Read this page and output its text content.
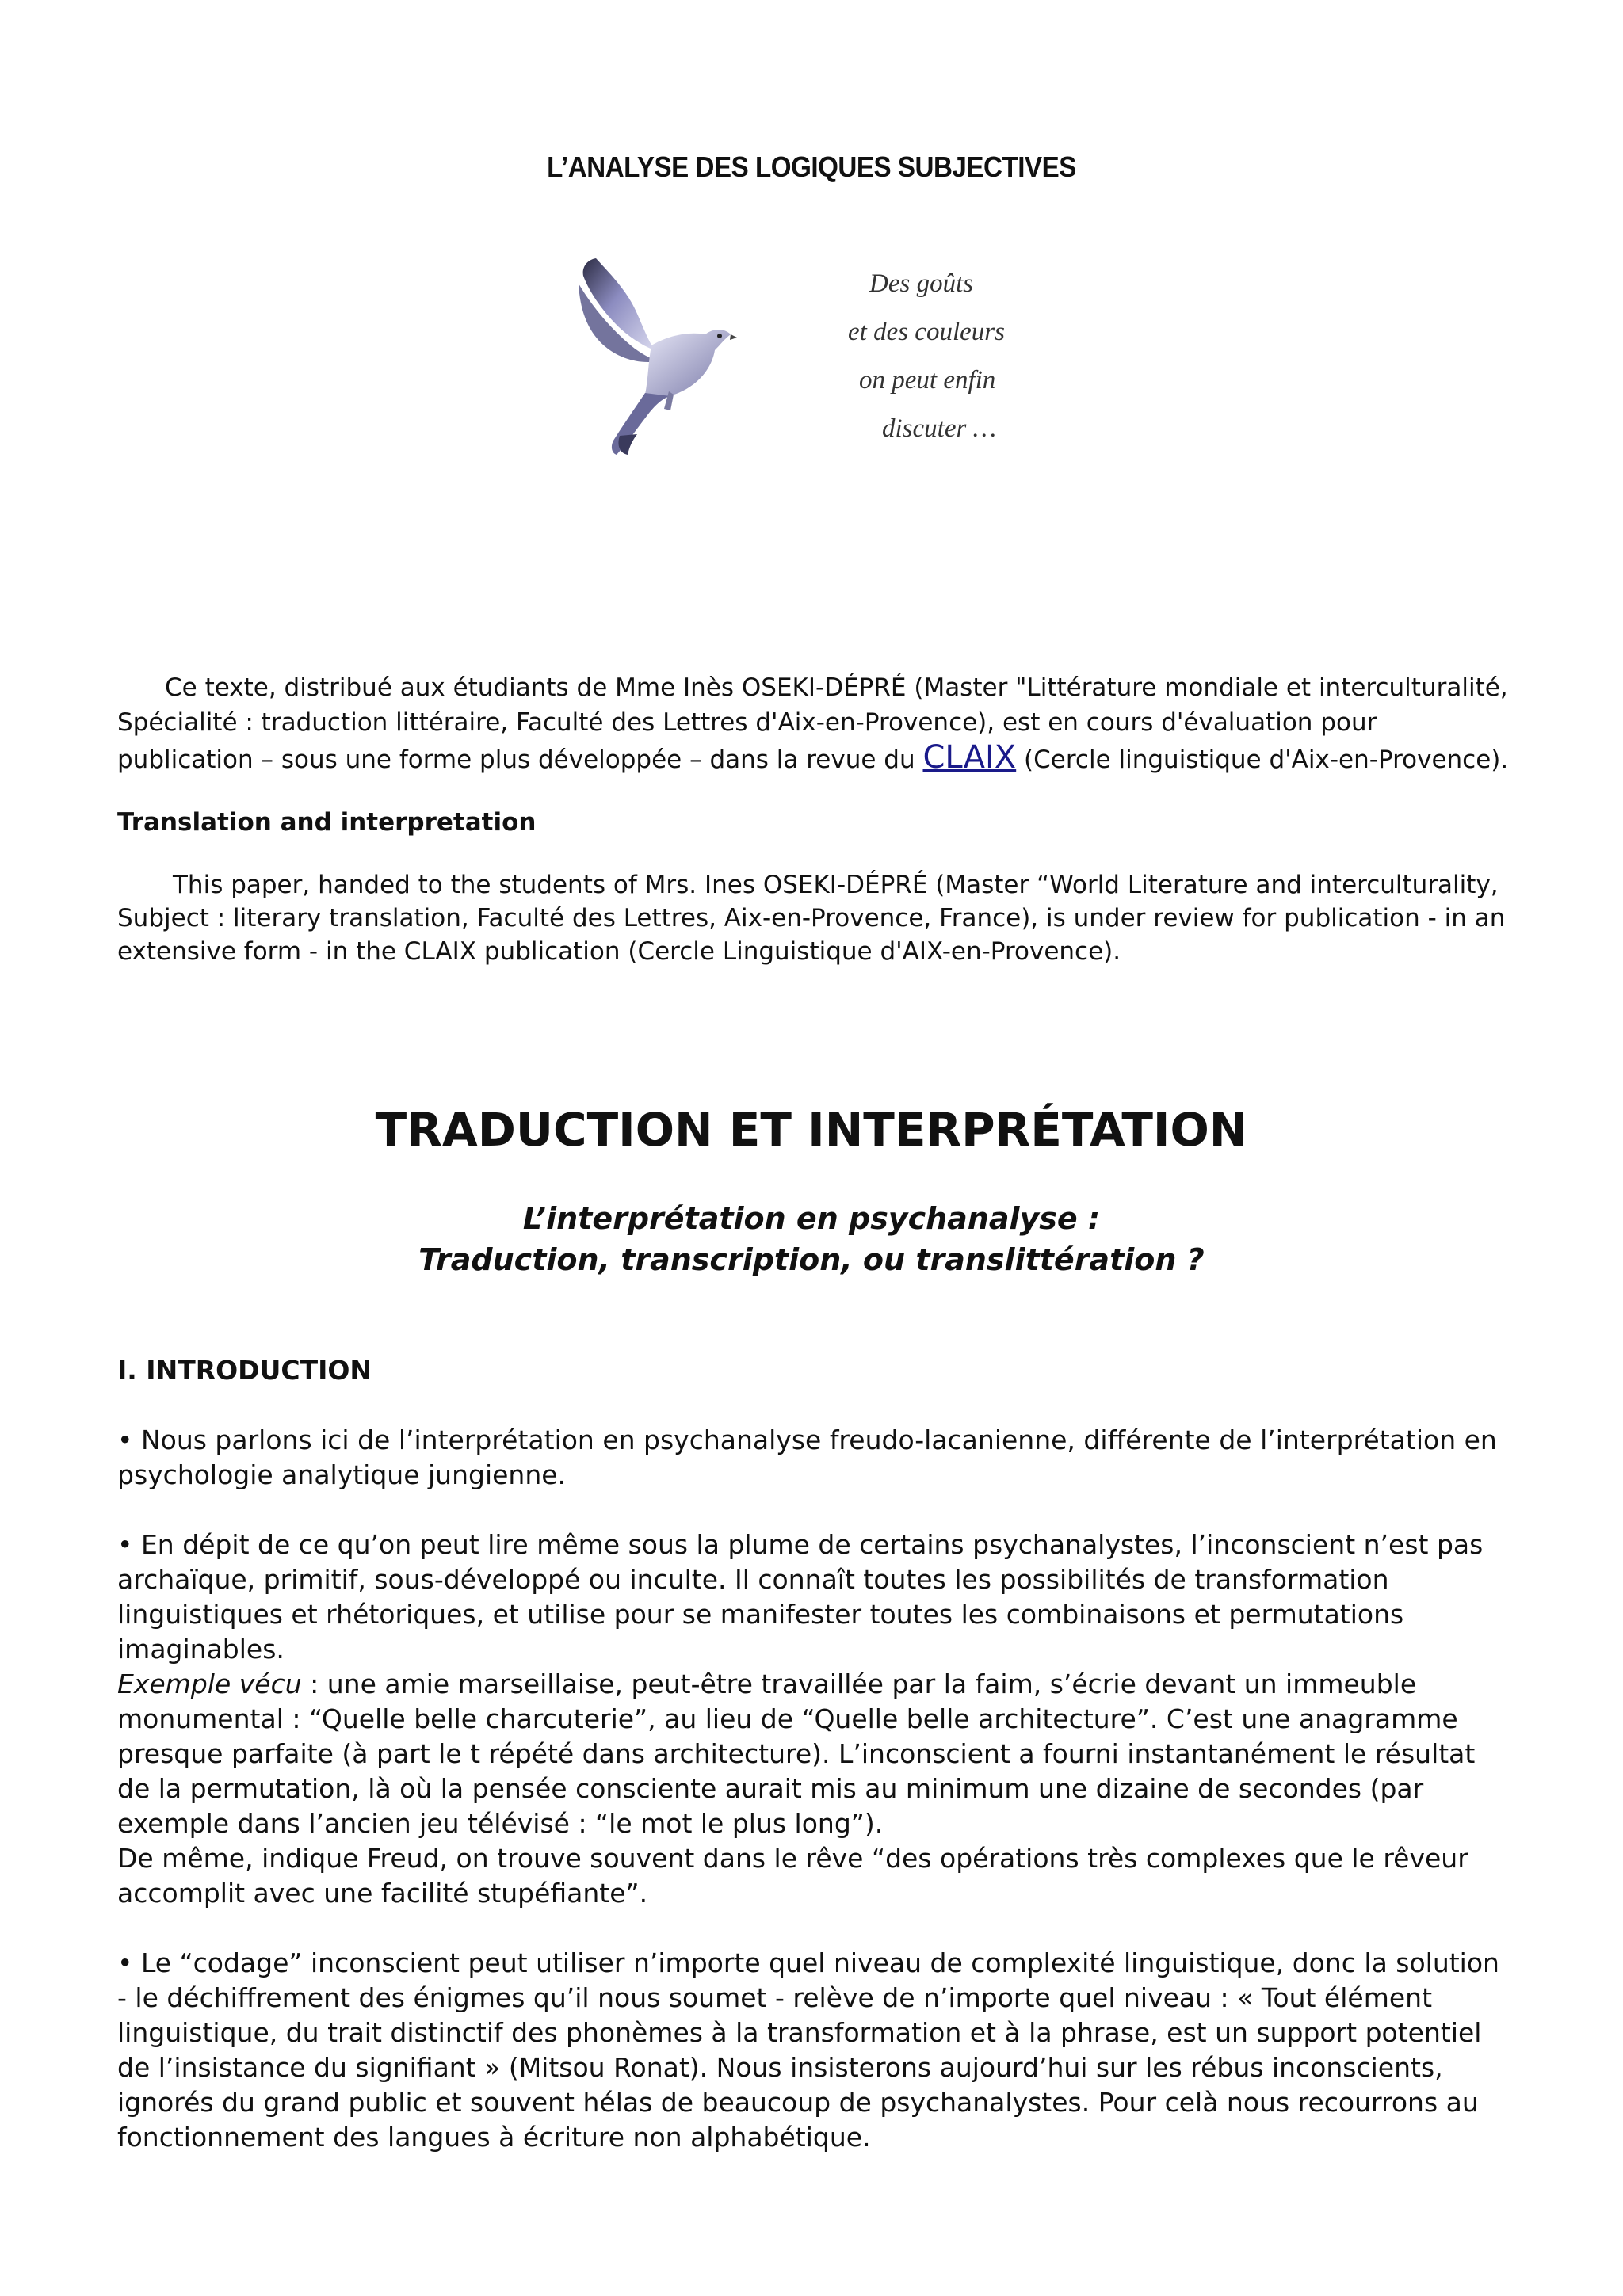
L’ANALYSE DES LOGIQUES SUBJECTIVES
Des goûts
et des couleurs
on peut enfin
discuter …
Ce texte, distribué aux étudiants de Mme Inès OSEKI-DÉPRÉ (Master "Littérature mondiale et interculturalité, Spécialité : traduction littéraire, Faculté des Lettres d'Aix-en-Provence), est en cours d'évaluation pour publication – sous une forme plus développée – dans la revue du CLAIX (Cercle linguistique d'Aix-en-Provence).
Translation and interpretation
This paper, handed to the students of Mrs. Ines OSEKI-DÉPRÉ (Master “World Literature and interculturality, Subject : literary translation, Faculté des Lettres, Aix-en-Provence, France), is under review for publication - in an extensive form - in the CLAIX publication (Cercle Linguistique d'AIX-en-Provence).
TRADUCTION ET INTERPRÉTATION
L’interprétation en psychanalyse :
Traduction, transcription, ou translittération ?
I. INTRODUCTION
• Nous parlons ici de l’interprétation en psychanalyse freudo-lacanienne, différente de l’interprétation en psychologie analytique jungienne.
• En dépit de ce qu’on peut lire même sous la plume de certains psychanalystes, l’inconscient n’est pas archaïque, primitif, sous-développé ou inculte. Il connaît toutes les possibilités de transformation linguistiques et rhétoriques, et utilise pour se manifester toutes les combinaisons et permutations imaginables.
Exemple vécu : une amie marseillaise, peut-être travaillée par la faim, s’écrie devant un immeuble monumental : “Quelle belle charcuterie”, au lieu de “Quelle belle architecture”. C’est une anagramme presque parfaite (à part le t répété dans architecture). L’inconscient a fourni instantanément le résultat de la permutation, là où la pensée consciente aurait mis au minimum une dizaine de secondes (par exemple dans l’ancien jeu télévisé : “le mot le plus long”).
De même, indique Freud, on trouve souvent dans le rêve “des opérations très complexes que le rêveur accomplit avec une facilité stupéfiante”.
• Le “codage” inconscient peut utiliser n’importe quel niveau de complexité linguistique, donc la solution - le déchiffrement des énigmes qu’il nous soumet - relève de n’importe quel niveau : « Tout élément linguistique, du trait distinctif des phonèmes à la transformation et à la phrase, est un support potentiel de l’insistance du signifiant » (Mitsou Ronat). Nous insisterons aujourd’hui sur les rébus inconscients, ignorés du grand public et souvent hélas de beaucoup de psychanalystes. Pour celà nous recourrons au fonctionnement des langues à écriture non alphabétique.
